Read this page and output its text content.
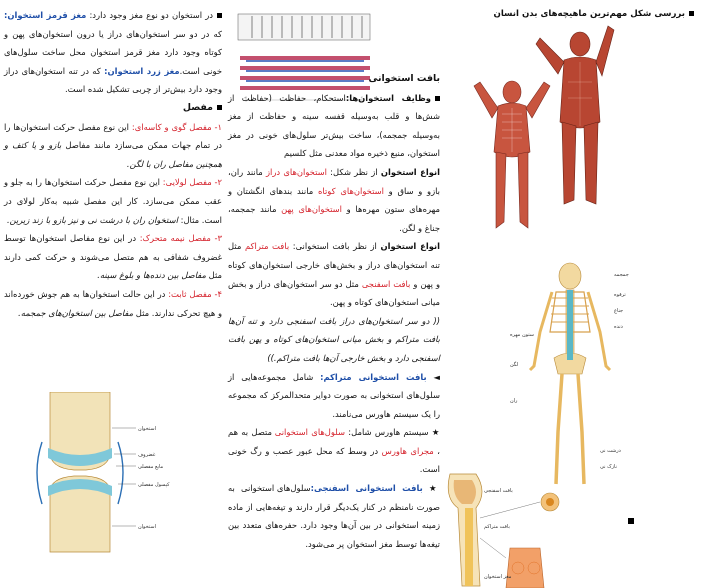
بررسی شکل مهم‌ترین ماهیچه‌های بدن انسان
جمجمه
ترقوه
جناغ
دنده
ستون مهره
لگن
ران
درشت نی
نازک نی
بافت اسفنجی
بافت متراکم
مغز استخوان

بافت استخوانی

وظایف استخوان‌ها:استحکام، حفاظت (حفاظت از شش‌ها و قلب به‌وسیله قفسه سینه و حفاظت از مغز به‌وسیله جمجمه)، ساخت بیش‌تر سلول‌های خونی در مغز استخوان، منبع ذخیره مواد معدنی مثل کلسیم

انواع استخوان از نظر شکل: استخوان‌های دراز مانند ران، بازو و ساق و استخوان‌های کوتاه مانند بندهای انگشتان و مهره‌های ستون مهره‌ها و استخوان‌های پهن مانند جمجمه، جناغ و لگن.

انواع استخوان از نظر بافت استخوانی: بافت متراکم مثل تنه استخوان‌های دراز و بخش‌های خارجی استخوان‌های کوتاه و پهن و بافت اسفنجی مثل دو سر استخوان‌های دراز و بخش میانی استخوان‌های کوتاه و پهن.

(( دو سر استخوان‌های دراز بافت اسفنجی دارد و تنه آن‌ها بافت متراکم و بخش میانی استخوان‌های کوتاه و پهن بافت اسفنجی دارد و بخش خارجی آن‌ها بافت متراکم.))

◄ بافت استخوانی متراکم: شامل مجموعه‌هایی از سلول‌های استخوانی به صورت دوایر متحدالمرکز که مجموعه را یک سیستم هاورس می‌نامند.

★ سیستم هاورس شامل: سلول‌های استخوانی متصل به هم ، مجرای هاورس در وسط که محل عبور عصب و رگ خونی است.

★ بافت استخوانی اسفنجی:سلول‌های استخوانی به صورت نامنظم در کنار یک‌دیگر قرار دارند و تیغه‌هایی از ماده زمینه استخوانی در بین آن‌ها وجود دارد. حفره‌های متعدد بین تیغه‌ها توسط مغز استخوان پر می‌شود.

در استخوان دو نوع مغز وجود دارد: مغز قرمز استخوان: که در دو سر استخوان‌های دراز یا درون استخوان‌های پهن و کوتاه وجود دارد مغز قرمز استخوان محل ساخت سلول‌های خونی است.مغز زرد استخوان: که در تنه استخوان‌های دراز وجود دارد بیش‌تر از چربی تشکیل شده است.

مفصل

۱- مفصل گوی و کاسه‌ای: این نوع مفصل حرکت استخوان‌ها را در تمام جهات ممکن می‌سازد مانند مفاصل بازو و یا کتف و همچنین مفاصل ران با لگن.

۲- مفصل لولایی: این نوع مفصل حرکت استخوان‌ها را به جلو و عقب ممکن می‌سازد. کار این مفصل شبیه به‌کار لولای در است. مثال: استخوان ران با درشت نی و نیز بازو با زند زیرین.

۳- مفصل نیمه متحرک: در این نوع مفاصل استخوان‌ها توسط غضروف شفافی به هم متصل می‌شوند و حرکت کمی دارند مثل مفاصل بین دنده‌ها و بلوغ سینه.

۴- مفصل ثابت: در این حالت استخوان‌ها به هم جوش خورده‌اند و هیچ تحرکی ندارند. مثل مفاصل بین استخوان‌های جمجمه.

استخوان
غضروف
مایع مفصلی
کپسول مفصلی
استخوان
